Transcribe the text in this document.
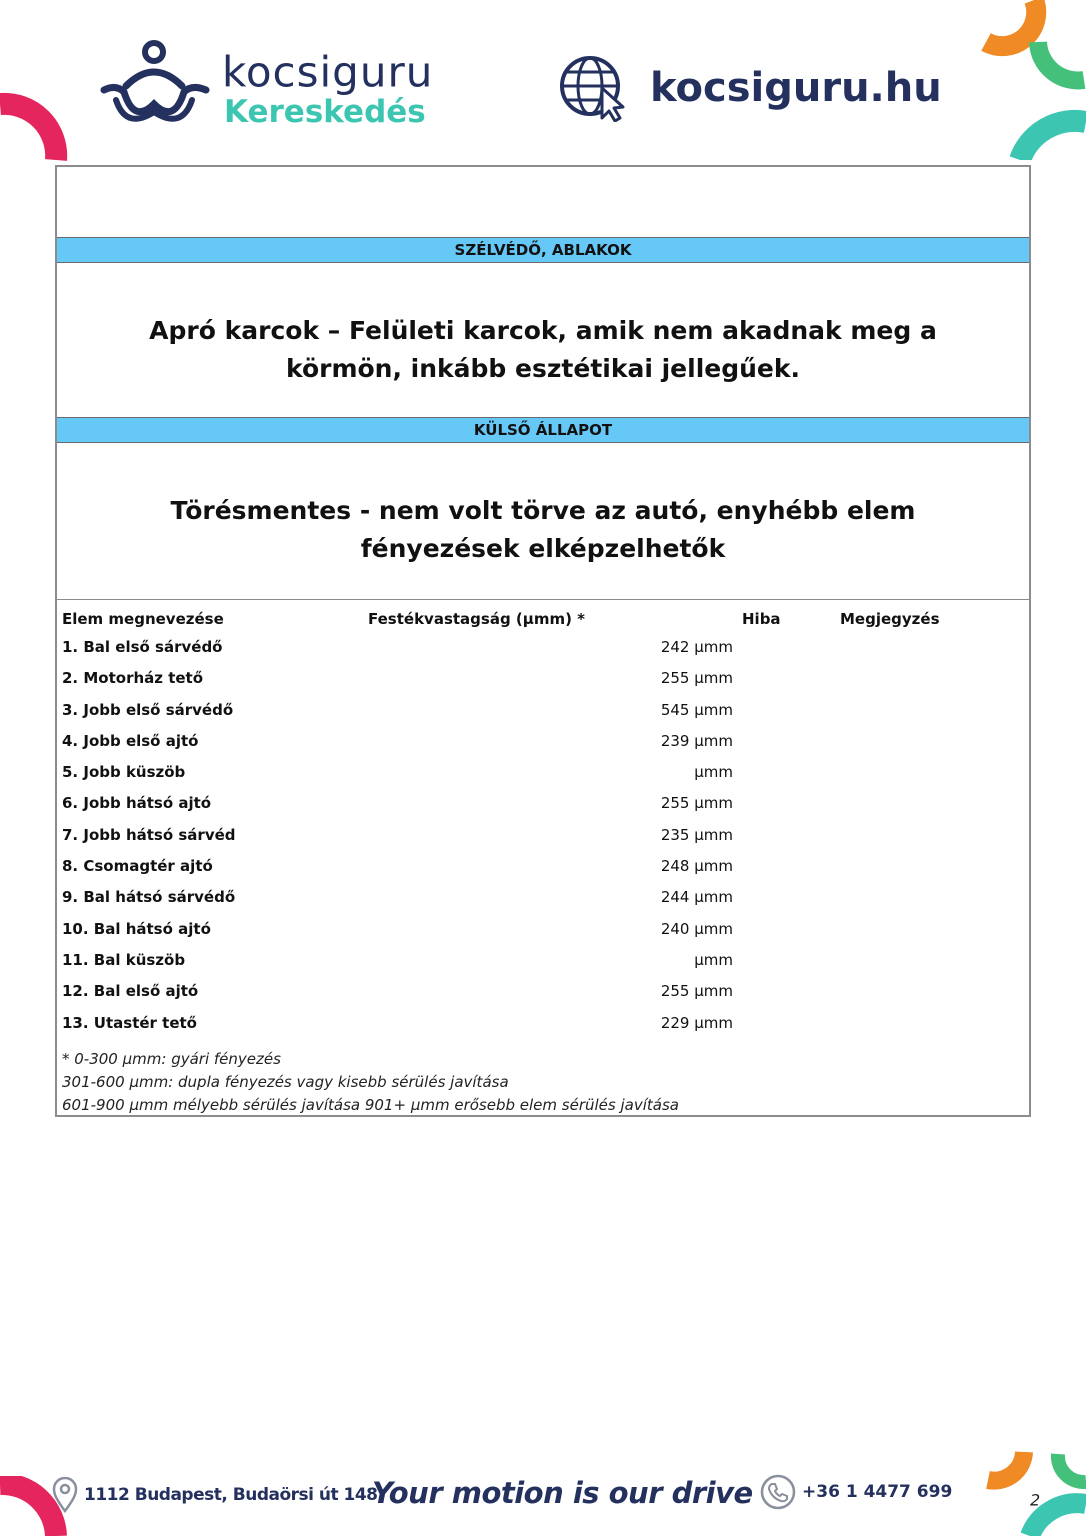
kocsiguru
Kereskedés
kocsiguru.hu
SZÉLVÉDŐ, ABLAKOK
Apró karcok – Felületi karcok, amik nem akadnak meg a körmön, inkább esztétikai jellegűek.
KÜLSŐ ÁLLAPOT
Törésmentes - nem volt törve az autó, enyhébb elem fényezések elképzelhetők
Elem megnevezése	Festékvastagság (µmm) *	Hiba	Megjegyzés
1. Bal első sárvédő	242 µmm
2. Motorház tető	255 µmm
3. Jobb első sárvédő	545 µmm
4. Jobb első ajtó	239 µmm
5. Jobb küszöb	µmm
6. Jobb hátsó ajtó	255 µmm
7. Jobb hátsó sárvéd	235 µmm
8. Csomagtér ajtó	248 µmm
9. Bal hátsó sárvédő	244 µmm
10. Bal hátsó ajtó	240 µmm
11. Bal küszöb	µmm
12. Bal első ajtó	255 µmm
13. Utastér tető	229 µmm
* 0-300 µmm: gyári fényezés
301-600 µmm: dupla fényezés vagy kisebb sérülés javítása
601-900 µmm mélyebb sérülés javítása 901+ µmm erősebb elem sérülés javítása
1112 Budapest, Budaörsi út 148.
Your motion is our drive	+36 1 4477 699	2
